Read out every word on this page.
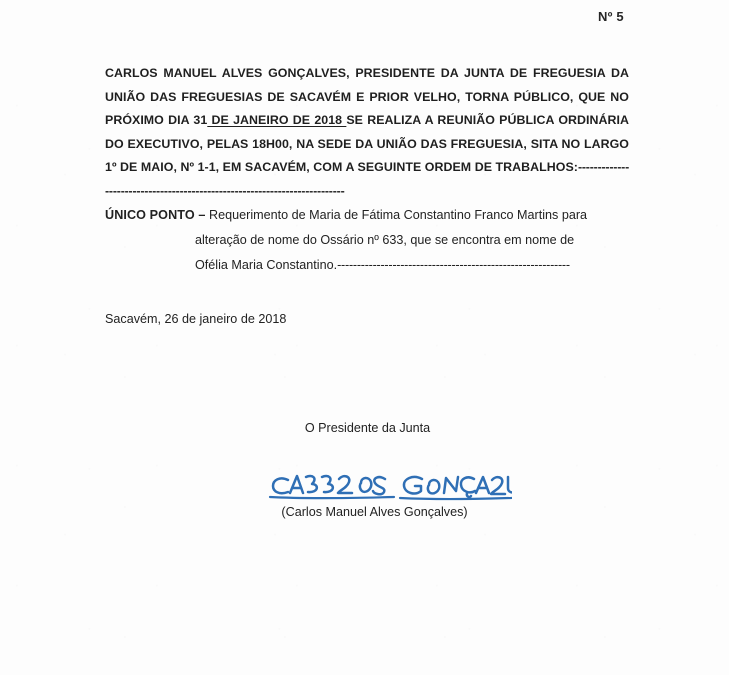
Nº 5
CARLOS MANUEL ALVES GONÇALVES, PRESIDENTE DA JUNTA DE FREGUESIA DA UNIÃO DAS FREGUESIAS DE SACAVÉM E PRIOR VELHO, TORNA PÚBLICO, QUE NO PRÓXIMO DIA 31 DE JANEIRO DE 2018 SE REALIZA A REUNIÃO PÚBLICA ORDINÁRIA DO EXECUTIVO, PELAS 18H00, NA SEDE DA UNIÃO DAS FREGUESIA, SITA NO LARGO 1º DE MAIO, Nº 1-1, EM SACAVÉM, COM A SEGUINTE ORDEM DE TRABALHOS:--------------------------------------------------------------------------
ÚNICO PONTO – Requerimento de Maria de Fátima Constantino Franco Martins para
alteração de nome do Ossário nº 633, que se encontra em nome de
Ofélia Maria Constantino.-----------------------------------------------------------
Sacavém, 26 de janeiro de 2018
O Presidente da Junta
(Carlos Manuel Alves Gonçalves)
